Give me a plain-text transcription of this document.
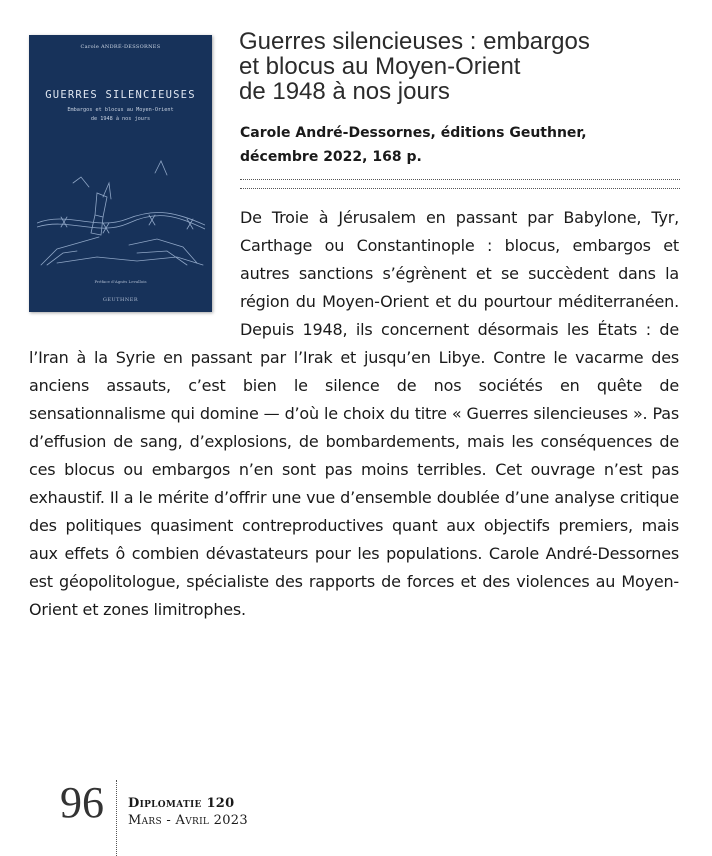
Carole ANDRÉ-DESSORNES
GUERRES SILENCIEUSES
Embargos et blocus au Moyen-Orient
de 1948 à nos jours
Préface d'Agnès Levallois
GEUTHNER
Guerres silencieuses : embargos
et blocus au Moyen-Orient
de 1948 à nos jours

Carole André-Dessornes, éditions Geuthner,
décembre 2022, 168 p.

De Troie à Jérusalem en passant par Babylone, Tyr, Carthage ou Constantinople : blocus, embargos et autres sanctions s’égrènent et se succèdent dans la région du Moyen-Orient et du pourtour méditerranéen. Depuis 1948, ils concernent désormais les États : de l’Iran à la Syrie en passant par l’Irak et jusqu’en Libye. Contre le vacarme des anciens assauts, c’est bien le silence de nos sociétés en quête de sensationnalisme qui domine — d’où le choix du titre « Guerres silencieuses ». Pas d’effusion de sang, d’explosions, de bombardements, mais les conséquences de ces blocus ou embargos n’en sont pas moins terribles. Cet ouvrage n’est pas exhaustif. Il a le mérite d’offrir une vue d’ensemble doublée d’une analyse critique des politiques quasiment contreproductives quant aux objectifs premiers, mais aux effets ô combien dévastateurs pour les populations. Carole André-Dessornes est géopolitologue, spécialiste des rapports de forces et des violences au Moyen-Orient et zones limitrophes.

96 Diplomatie 120
Mars - Avril 2023
